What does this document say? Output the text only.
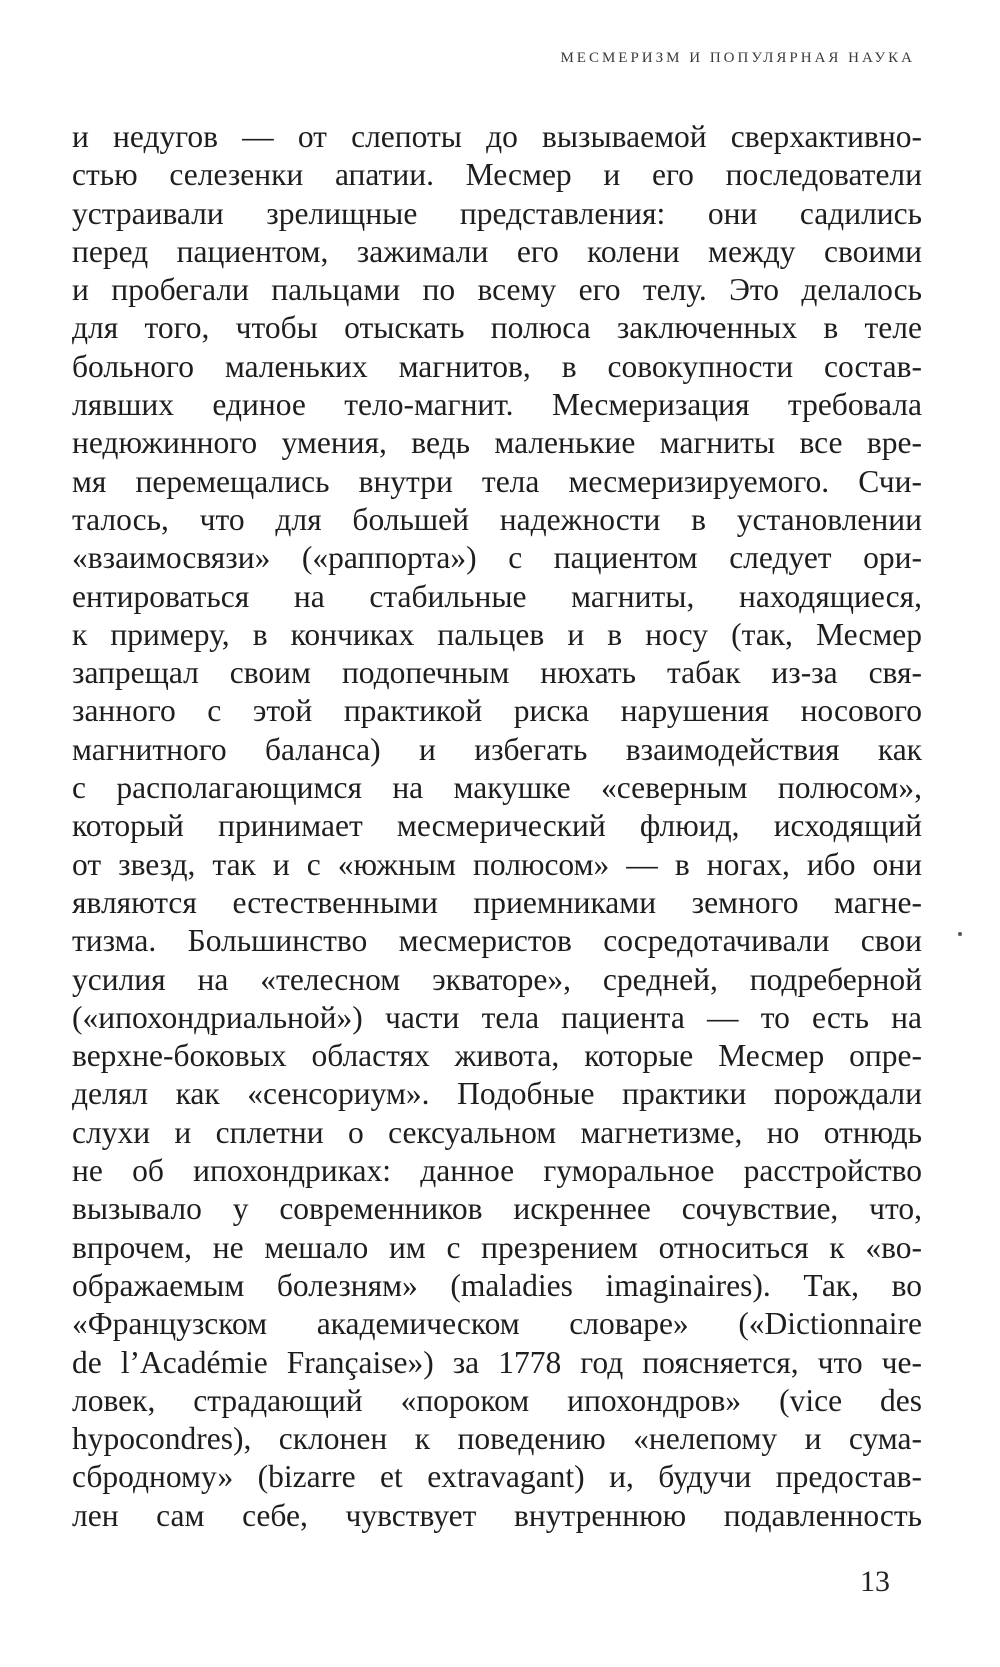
МЕСМЕРИЗМ И ПОПУЛЯРНАЯ НАУКА
и недугов — от слепоты до вызываемой сверхактивно-
стью селезенки апатии. Месмер и его последователи
устраивали зрелищные представления: они садились
перед пациентом, зажимали его колени между своими
и пробегали пальцами по всему его телу. Это делалось
для того, чтобы отыскать полюса заключенных в теле
больного маленьких магнитов, в совокупности состав-
лявших единое тело-магнит. Месмеризация требовала
недюжинного умения, ведь маленькие магниты все вре-
мя перемещались внутри тела месмеризируемого. Счи-
талось, что для большей надежности в установлении
«взаимосвязи» («раппорта») с пациентом следует ори-
ентироваться на стабильные магниты, находящиеся,
к примеру, в кончиках пальцев и в носу (так, Месмер
запрещал своим подопечным нюхать табак из-за свя-
занного с этой практикой риска нарушения носового
магнитного баланса) и избегать взаимодействия как
с располагающимся на макушке «северным полюсом»,
который принимает месмерический флюид, исходящий
от звезд, так и с «южным полюсом» — в ногах, ибо они
являются естественными приемниками земного магне-
тизма. Большинство месмеристов сосредотачивали свои
усилия на «телесном экваторе», средней, подреберной
(«ипохондриальной») части тела пациента — то есть на
верхне-боковых областях живота, которые Месмер опре-
делял как «сенсориум». Подобные практики порождали
слухи и сплетни о сексуальном магнетизме, но отнюдь
не об ипохондриках: данное гуморальное расстройство
вызывало у современников искреннее сочувствие, что,
впрочем, не мешало им с презрением относиться к «во-
ображаемым болезням» (maladies imaginaires). Так, во
«Французском академическом словаре» («Dictionnaire
de l’Académie Française») за 1778 год поясняется, что че-
ловек, страдающий «пороком ипохондров» (vice des
hypocondres), склонен к поведению «нелепому и сума-
сбродному» (bizarre et extravagant) и, будучи предостав-
лен сам себе, чувствует внутреннюю подавленность
13
